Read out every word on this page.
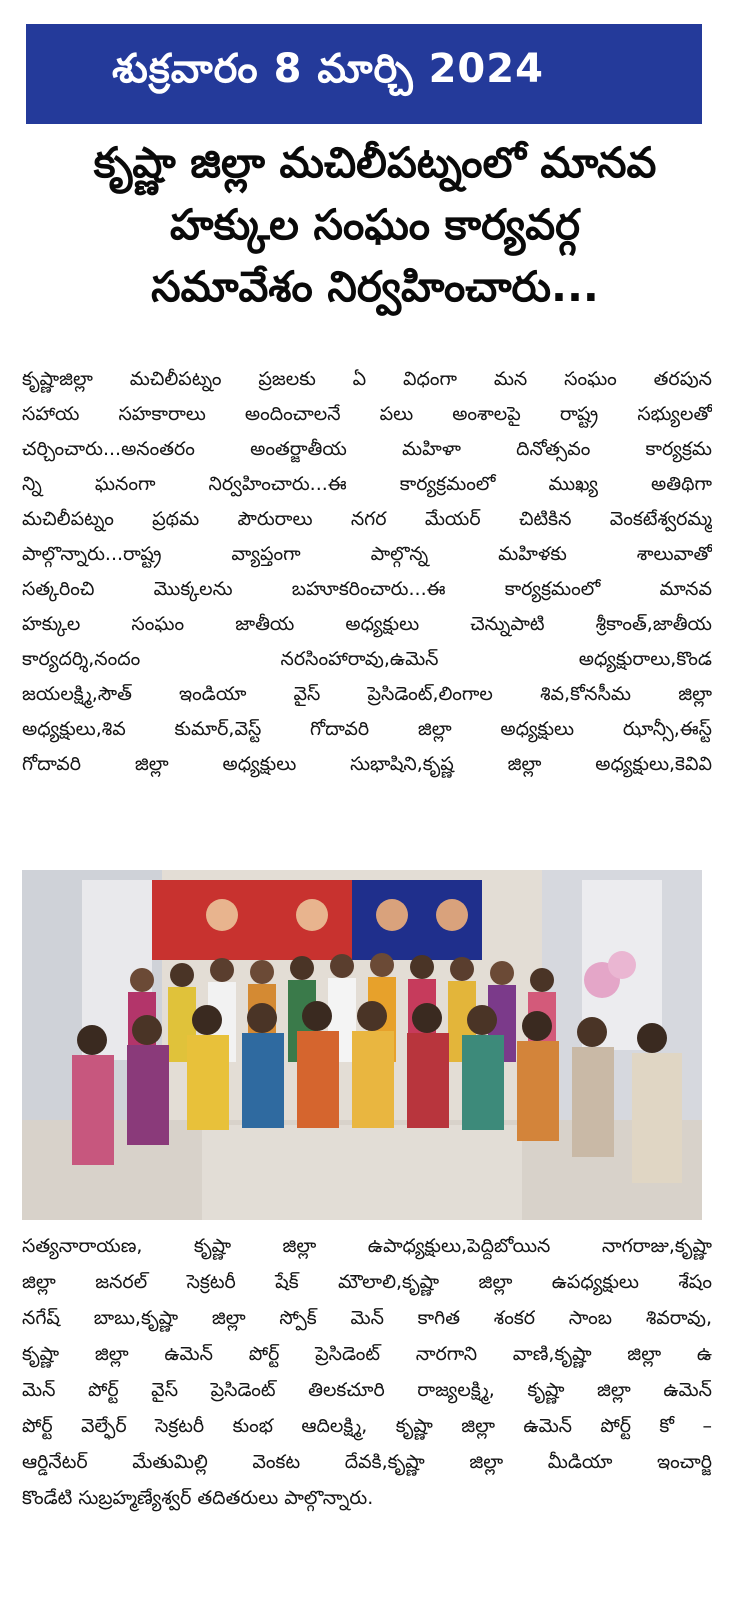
శుక్రవారం 8 మార్చి 2024
కృష్ణా జిల్లా మచిలీపట్నంలో మానవ
హక్కుల సంఘం కార్యవర్గ
సమావేశం నిర్వహించారు...
కృష్ణాజిల్లా మచిలీపట్నం ప్రజలకు ఏ విధంగా మన సంఘం తరపున
సహాయ సహకారాలు అందించాలనే పలు అంశాలపై రాష్ట్ర సభ్యులతో
చర్చించారు...అనంతరం అంతర్జాతీయ మహిళా దినోత్సవం కార్యక్రమ
న్ని ఘనంగా నిర్వహించారు...ఈ కార్యక్రమంలో ముఖ్య అతిథిగా
మచిలీపట్నం ప్రథమ పౌరురాలు నగర మేయర్ చిటికిన వెంకటేశ్వరమ్మ
పాల్గొన్నారు...రాష్ట్ర వ్యాప్తంగా పాల్గొన్న మహిళకు శాలువాతో
సత్కరించి మొక్కలను బహూకరించారు...ఈ కార్యక్రమంలో మానవ
హక్కుల సంఘం జాతీయ అధ్యక్షులు చెన్నుపాటి శ్రీకాంత్,జాతీయ
కార్యదర్శి,నందం నరసింహారావు,ఉమెన్ అధ్యక్షురాలు,కొండ
జయలక్ష్మి,సౌత్ ఇండియా వైస్ ప్రెసిడెంట్,లింగాల శివ,కోనసీమ జిల్లా
అధ్యక్షులు,శివ కుమార్,వెస్ట్ గోదావరి జిల్లా అధ్యక్షులు ఝాన్సీ,ఈస్ట్
గోదావరి జిల్లా అధ్యక్షులు సుభాషిని,కృష్ణ జిల్లా అధ్యక్షులు,కెవివి
సత్యనారాయణ, కృష్ణా జిల్లా ఉపాధ్యక్షులు,పెద్దిబోయిన నాగరాజు,కృష్ణా
జిల్లా జనరల్ సెక్రటరీ షేక్ మౌలాలి,కృష్ణా జిల్లా ఉపధ్యక్షులు శేషం
నగేష్ బాబు,కృష్ణా జిల్లా స్పోక్ మెన్ కాగిత శంకర సాంబ శివరావు,
కృష్ణా జిల్లా ఉమెన్ పోర్ట్ ప్రెసిడెంట్ నారగాని వాణి,కృష్ణా జిల్లా ఉ
మెన్ పోర్ట్ వైస్ ప్రెసిడెంట్ తిలకచూరి రాజ్యలక్ష్మి, కృష్ణా జిల్లా ఉమెన్
పోర్ట్ వెల్ఫేర్ సెక్రటరీ కుంభ ఆదిలక్ష్మి, కృష్ణా జిల్లా ఉమెన్ పోర్ట్ కో –
ఆర్డినేటర్ మేతుమిల్లి వెంకట దేవకి,కృష్ణా జిల్లా మీడియా ఇంచార్జి
కొండేటి సుబ్రహ్మణ్యేశ్వర్ తదితరులు పాల్గొన్నారు.
